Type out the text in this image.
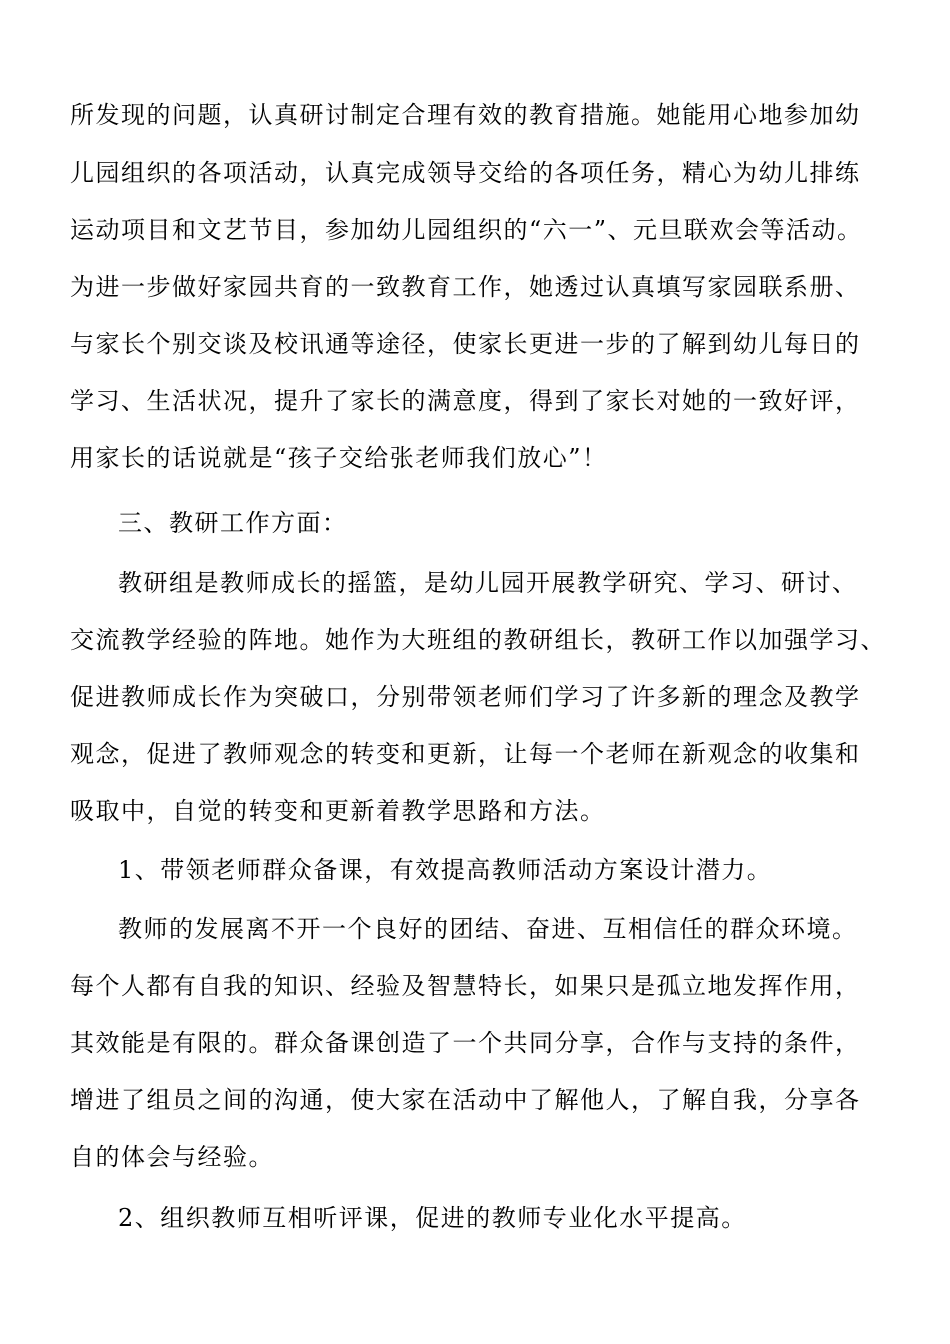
所发现的问题，认真研讨制定合理有效的教育措施。她能用心地参加幼
儿园组织的各项活动，认真完成领导交给的各项任务，精心为幼儿排练
运动项目和文艺节目，参加幼儿园组织的“六一”、元旦联欢会等活动。
为进一步做好家园共育的一致教育工作，她透过认真填写家园联系册、
与家长个别交谈及校讯通等途径，使家长更进一步的了解到幼儿每日的
学习、生活状况，提升了家长的满意度，得到了家长对她的一致好评，
用家长的话说就是“孩子交给张老师我们放心”！
三、教研工作方面：
教研组是教师成长的摇篮，是幼儿园开展教学研究、学习、研讨、
交流教学经验的阵地。她作为大班组的教研组长，教研工作以加强学习、
促进教师成长作为突破口，分别带领老师们学习了许多新的理念及教学
观念，促进了教师观念的转变和更新，让每一个老师在新观念的收集和
吸取中，自觉的转变和更新着教学思路和方法。
1、带领老师群众备课，有效提高教师活动方案设计潜力。
教师的发展离不开一个良好的团结、奋进、互相信任的群众环境。
每个人都有自我的知识、经验及智慧特长，如果只是孤立地发挥作用，
其效能是有限的。群众备课创造了一个共同分享，合作与支持的条件，
增进了组员之间的沟通，使大家在活动中了解他人，了解自我，分享各
自的体会与经验。
2、组织教师互相听评课，促进的教师专业化水平提高。
